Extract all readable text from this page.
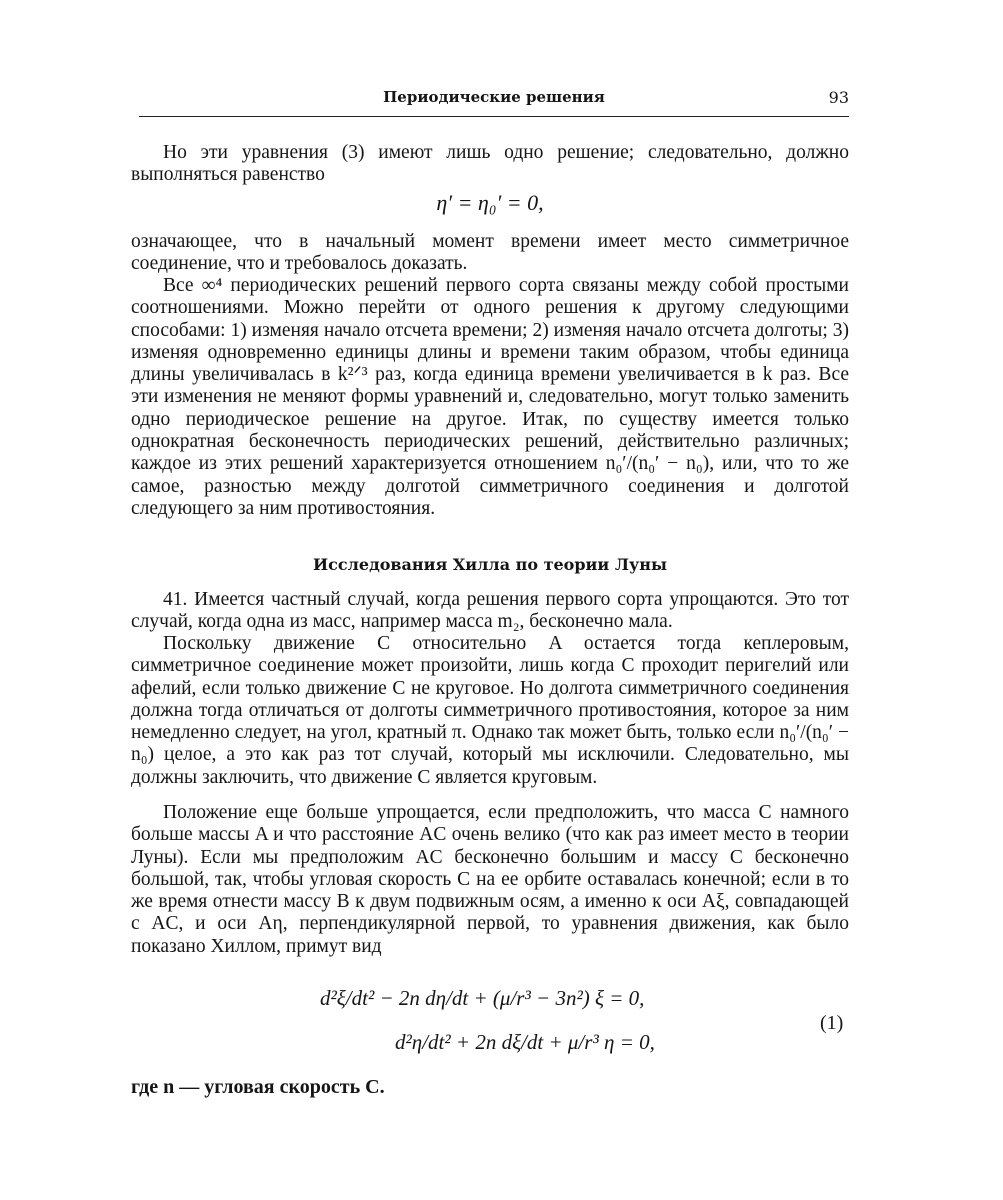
Периодические решения	93

Но эти уравнения (3) имеют лишь одно решение; следовательно, должно выполняться равенство

η′ = η₀′ = 0,

означающее, что в начальный момент времени имеет место симметричное соединение, что и требовалось доказать.

Все ∞⁴ периодических решений первого сорта связаны между собой простыми соотношениями. Можно перейти от одного решения к другому следующими способами: 1) изменяя начало отсчета времени; 2) изменяя начало отсчета долготы; 3) изменяя одновременно единицы длины и времени таким образом, чтобы единица длины увеличивалась в k²ᐟ³ раз, когда единица времени увеличивается в k раз. Все эти изменения не меняют формы уравнений и, следовательно, могут только заменить одно периодическое решение на другое. Итак, по существу имеется только однократная бесконечность периодических решений, действительно различных; каждое из этих решений характеризуется отношением n₀′/(n₀′ − n₀), или, что то же самое, разностью между долготой симметричного соединения и долготой следующего за ним противостояния.

Исследования Хилла по теории Луны

41. Имеется частный случай, когда решения первого сорта упрощаются. Это тот случай, когда одна из масс, например масса m₂, бесконечно мала.

Поскольку движение C относительно A остается тогда кеплеровым, симметричное соединение может произойти, лишь когда C проходит перигелий или афелий, если только движение C не круговое. Но долгота симметричного соединения должна тогда отличаться от долготы симметричного противостояния, которое за ним немедленно следует, на угол, кратный π. Однако так может быть, только если n₀′/(n₀′ − n₀) целое, а это как раз тот случай, который мы исключили. Следовательно, мы должны заключить, что движение C является круговым.

Положение еще больше упрощается, если предположить, что масса C намного больше массы A и что расстояние AC очень велико (что как раз имеет место в теории Луны). Если мы предположим AC бесконечно большим и массу C бесконечно большой, так, чтобы угловая скорость C на ее орбите оставалась конечной; если в то же время отнести массу B к двум подвижным осям, а именно к оси Aξ, совпадающей с AC, и оси Aη, перпендикулярной первой, то уравнения движения, как было показано Хиллом, примут вид

d²ξ/dt² − 2n dη/dt + (μ/r³ − 3n²) ξ = 0,
d²η/dt² + 2n dξ/dt + μ/r³ η = 0,
(1)
где n — угловая скорость C.
